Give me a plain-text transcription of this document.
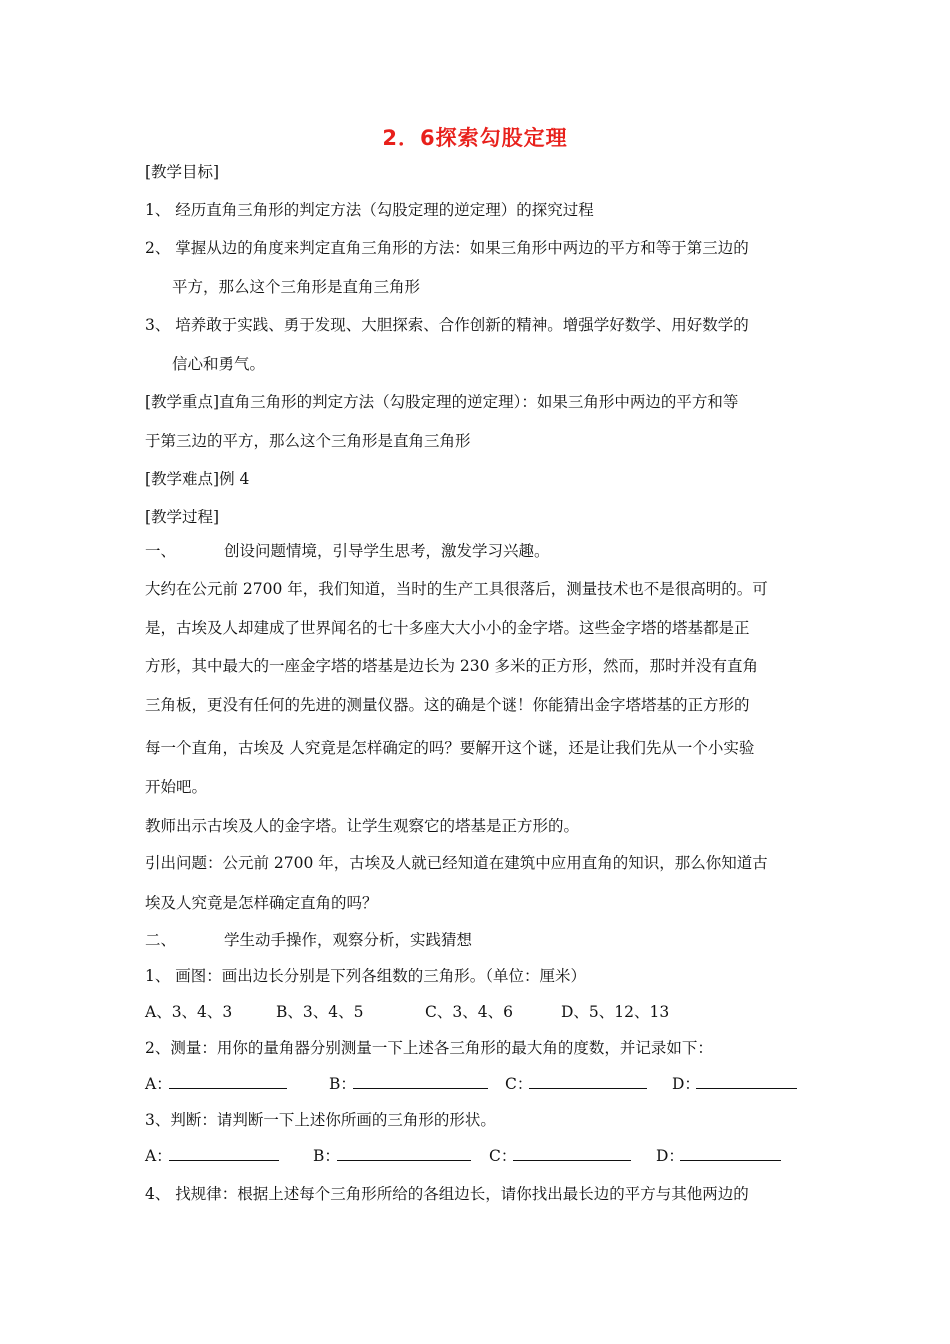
2．6探索勾股定理
[教学目标]
1、 经历直角三角形的判定方法（勾股定理的逆定理）的探究过程
2、 掌握从边的角度来判定直角三角形的方法：如果三角形中两边的平方和等于第三边的
平方，那么这个三角形是直角三角形
3、 培养敢于实践、勇于发现、大胆探索、合作创新的精神。增强学好数学、用好数学的
信心和勇气。
[教学重点]直角三角形的判定方法（勾股定理的逆定理）：如果三角形中两边的平方和等
于第三边的平方，那么这个三角形是直角三角形
[教学难点]例 4
[教学过程]
一、	创设问题情境，引导学生思考，激发学习兴趣。
大约在公元前 2700 年，我们知道，当时的生产工具很落后，测量技术也不是很高明的。可
是，古埃及人却建成了世界闻名的七十多座大大小小的金字塔。这些金字塔的塔基都是正
方形，其中最大的一座金字塔的塔基是边长为 230 多米的正方形，然而，那时并没有直角
三角板，更没有任何的先进的测量仪器。这的确是个谜！你能猜出金字塔塔基的正方形的
每一个直角，古埃及 人究竟是怎样确定的吗？要解开这个谜，还是让我们先从一个小实验
开始吧。
教师出示古埃及人的金字塔。让学生观察它的塔基是正方形的。
引出问题：公元前 2700 年，古埃及人就已经知道在建筑中应用直角的知识，那么你知道古
埃及人究竟是怎样确定直角的吗？
二、	学生动手操作，观察分析，实践猜想
1、 画图：画出边长分别是下列各组数的三角形。（单位：厘米）
A、3、4、3	B、3、4、5	C、3、4、6	D、5、12、13
2、测量：用你的量角器分别测量一下上述各三角形的最大角的度数，并记录如下：
A：	B：	C：	D：
3、判断：请判断一下上述你所画的三角形的形状。
A：	B：	C：	D：
4、 找规律：根据上述每个三角形所给的各组边长，请你找出最长边的平方与其他两边的
